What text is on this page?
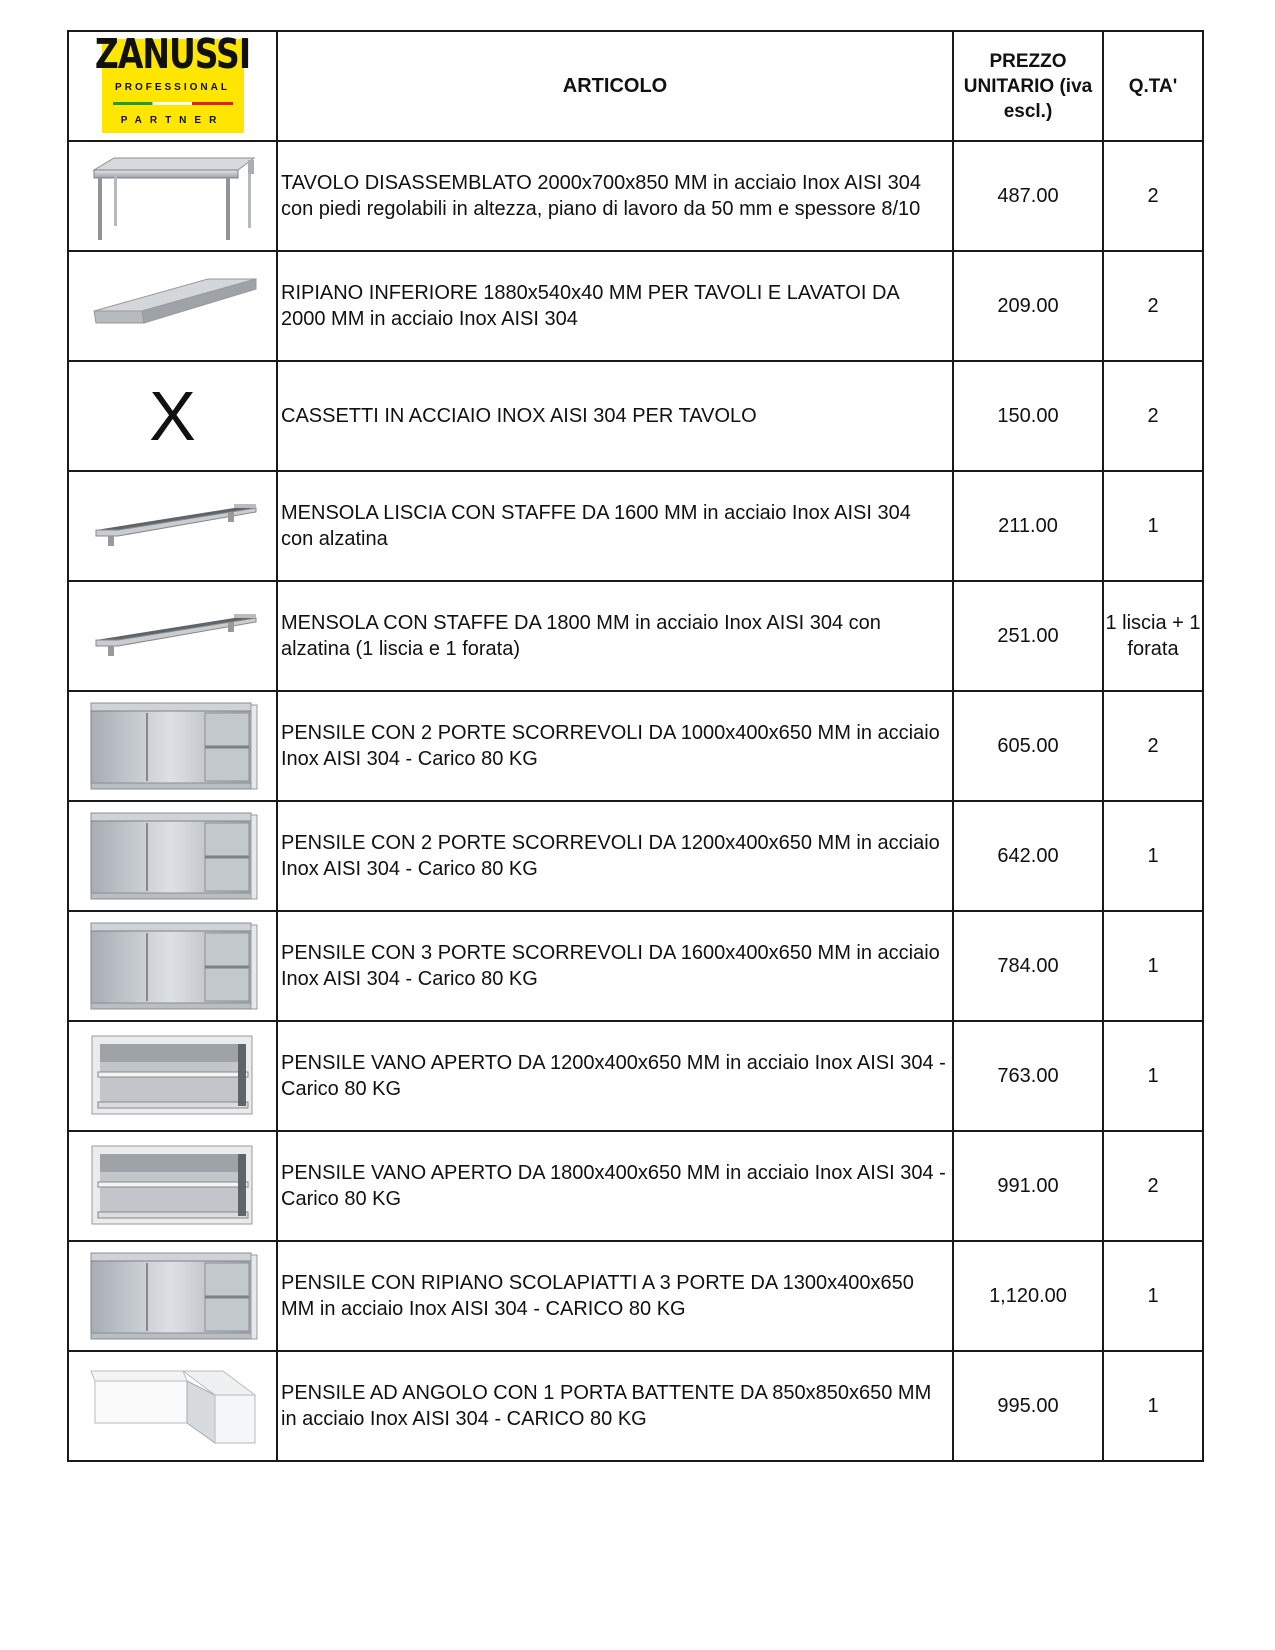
ZANUSSI
PROFESSIONAL
PARTNER	ARTICOLO	PREZZO UNITARIO (iva escl.)	Q.TA'

	TAVOLO DISASSEMBLATO 2000x700x850 MM in acciaio Inox AISI 304 con piedi regolabili in altezza, piano di lavoro da 50 mm e spessore 8/10	487.00	2

	RIPIANO INFERIORE 1880x540x40 MM PER TAVOLI E LAVATOI DA 2000 MM in acciaio Inox AISI 304	209.00	2
X	CASSETTI IN ACCIAIO INOX AISI 304 PER TAVOLO	150.00	2

	MENSOLA LISCIA CON STAFFE DA 1600 MM in acciaio Inox AISI 304 con alzatina	211.00	1

	MENSOLA CON STAFFE DA 1800 MM in acciaio Inox AISI 304 con alzatina (1 liscia e 1 forata)	251.00	1 liscia + 1 forata

	PENSILE CON 2 PORTE SCORREVOLI DA 1000x400x650 MM in acciaio Inox AISI 304 - Carico 80 KG	605.00	2

	PENSILE CON 2 PORTE SCORREVOLI DA 1200x400x650 MM in acciaio Inox AISI 304 - Carico 80 KG	642.00	1

	PENSILE CON 3 PORTE SCORREVOLI DA 1600x400x650 MM in acciaio Inox AISI 304 - Carico 80 KG	784.00	1

	PENSILE VANO APERTO DA 1200x400x650 MM in acciaio Inox AISI 304 - Carico 80 KG	763.00	1

	PENSILE VANO APERTO DA 1800x400x650 MM in acciaio Inox AISI 304 - Carico 80 KG	991.00	2

	PENSILE CON RIPIANO SCOLAPIATTI A 3 PORTE DA 1300x400x650 MM in acciaio Inox AISI 304 - CARICO 80 KG	1,120.00	1

	PENSILE AD ANGOLO CON 1 PORTA BATTENTE DA 850x850x650 MM in acciaio Inox AISI 304 - CARICO 80 KG	995.00	1
